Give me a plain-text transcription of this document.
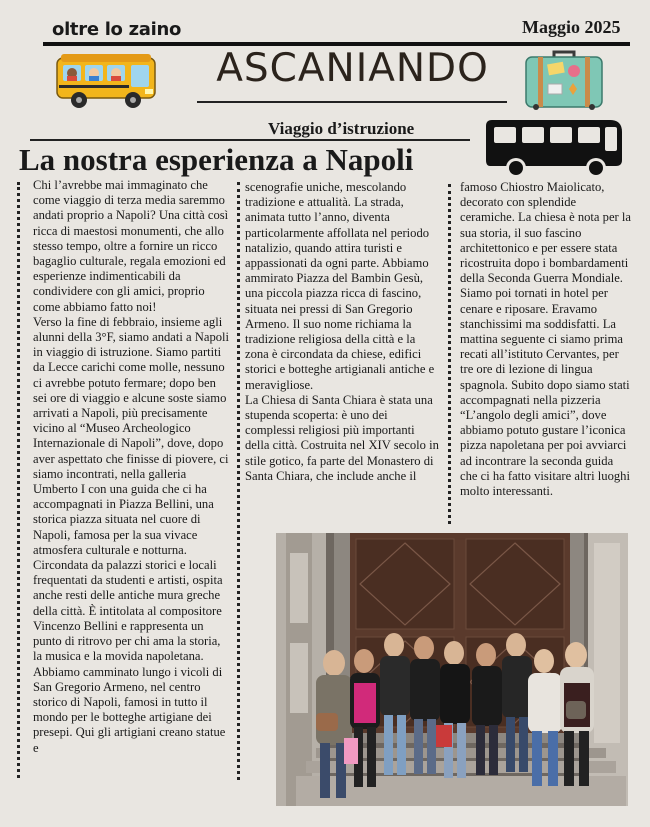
oltre lo zaino	Maggio 2025
ASCANIANDO
Viaggio d’istruzione
La nostra esperienza a Napoli

Chi l’avrebbe mai immaginato che come viaggio di terza media saremmo andati proprio a Napoli? Una città così ricca di maestosi monumenti, che allo stesso tempo, oltre a fornire un ricco bagaglio culturale, regala emozioni ed esperienze indimenticabili da condividere con gli amici, proprio come abbiamo fatto noi!

Verso la fine di febbraio, insieme agli alunni della 3°F, siamo andati a Napoli in viaggio di istruzione. Siamo partiti da Lecce carichi come molle, nessuno ci avrebbe potuto fermare; dopo ben sei ore di viaggio e alcune soste siamo arrivati a Napoli, più precisamente vicino al “Museo Archeologico Internazionale di Napoli”, dove, dopo aver aspettato che finisse di piovere, ci siamo incontrati, nella galleria Umberto I con una guida che ci ha accompagnati in Piazza Bellini, una storica piazza situata nel cuore di Napoli, famosa per la sua vivace atmosfera culturale e notturna. Circondata da palazzi storici e locali frequentati da studenti e artisti, ospita anche resti delle antiche mura greche della città. È intitolata al compositore Vincenzo Bellini e rappresenta un punto di ritrovo per chi ama la storia, la musica e la movida napoletana.

Abbiamo camminato lungo i vicoli di San Gregorio Armeno, nel centro storico di Napoli, famosi in tutto il mondo per le botteghe artigiane dei presepi. Qui gli artigiani creano statue e

scenografie uniche, mescolando tradizione e attualità. La strada, animata tutto l’anno, diventa particolarmente affollata nel periodo natalizio, quando attira turisti e appassionati da ogni parte. Abbiamo ammirato Piazza del Bambin Gesù, una piccola piazza ricca di fascino, situata nei pressi di San Gregorio Armeno. Il suo nome richiama la tradizione religiosa della città e la zona è circondata da chiese, edifici storici e botteghe artigianali antiche e meravigliose.

La Chiesa di Santa Chiara è stata una stupenda scoperta: è uno dei complessi religiosi più importanti della città. Costruita nel XIV secolo in stile gotico, fa parte del Monastero di Santa Chiara, che include anche il

famoso Chiostro Maiolicato, decorato con splendide ceramiche. La chiesa è nota per la sua storia, il suo fascino architettonico e per essere stata ricostruita dopo i bombardamenti della Seconda Guerra Mondiale.

Siamo poi tornati in hotel per cenare e riposare. Eravamo stanchissimi ma soddisfatti. La mattina seguente ci siamo prima recati all’istituto Cervantes, per tre ore di lezione di lingua spagnola. Subito dopo siamo stati accompagnati nella pizzeria “L’angolo degli amici”, dove abbiamo potuto gustare l’iconica pizza napoletana per poi avviarci ad incontrare la seconda guida che ci ha fatto visitare altri luoghi molto interessanti.
